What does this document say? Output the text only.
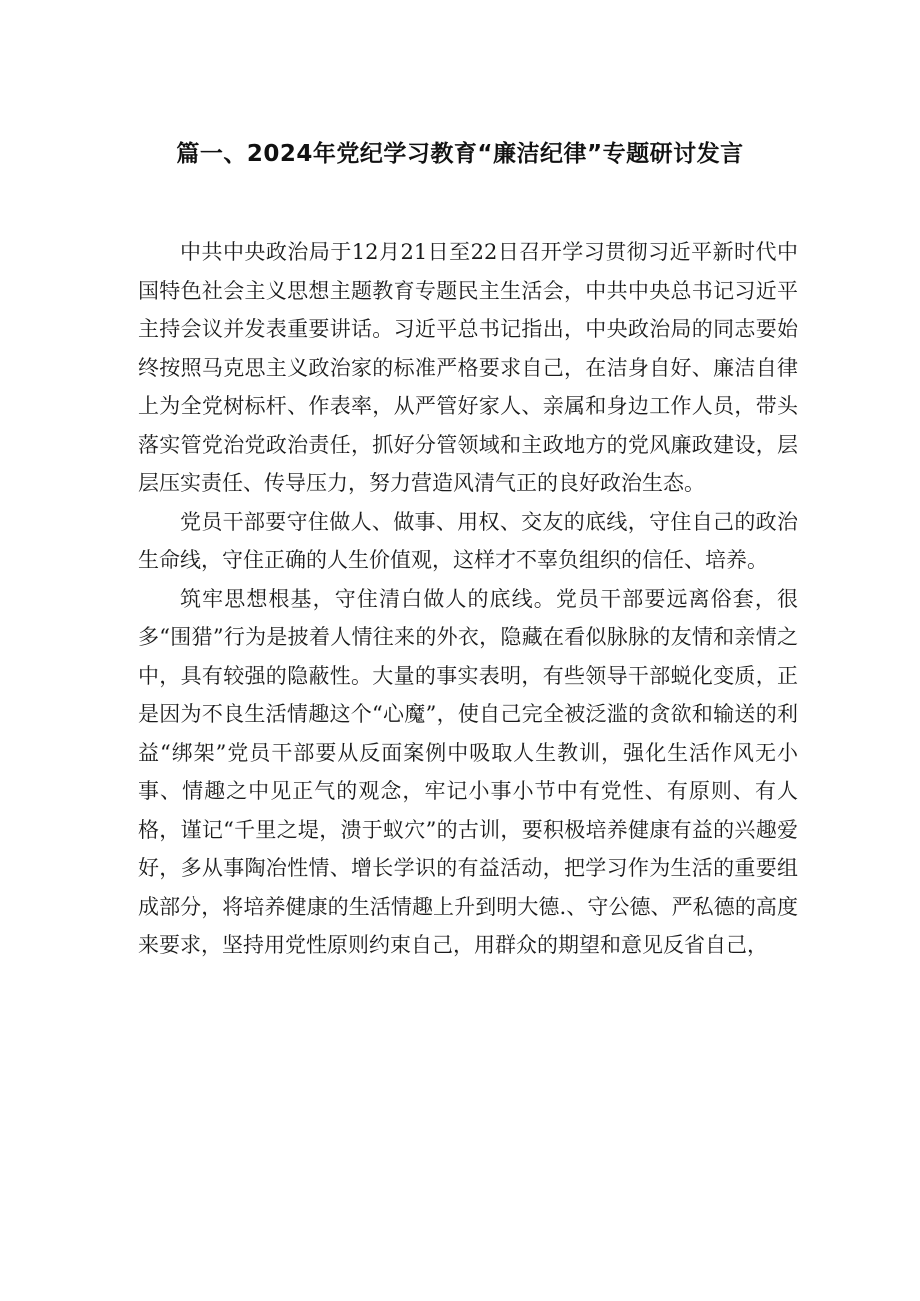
篇一、2024年党纪学习教育“廉洁纪律”专题研讨发言

中共中央政治局于12月21日至22日召开学习贯彻习近平新时代中国特色社会主义思想主题教育专题民主生活会，中共中央总书记习近平主持会议并发表重要讲话。习近平总书记指出，中央政治局的同志要始终按照马克思主义政治家的标准严格要求自己，在洁身自好、廉洁自律上为全党树标杆、作表率，从严管好家人、亲属和身边工作人员，带头落实管党治党政治责任，抓好分管领域和主政地方的党风廉政建设，层层压实责任、传导压力，努力营造风清气正的良好政治生态。

党员干部要守住做人、做事、用权、交友的底线，守住自己的政治生命线，守住正确的人生价值观，这样才不辜负组织的信任、培养。

筑牢思想根基，守住清白做人的底线。党员干部要远离俗套，很多“围猎”行为是披着人情往来的外衣，隐藏在看似脉脉的友情和亲情之中，具有较强的隐蔽性。大量的事实表明，有些领导干部蜕化变质，正是因为不良生活情趣这个“心魔”，使自己完全被泛滥的贪欲和输送的利益“绑架”党员干部要从反面案例中吸取人生教训，强化生活作风无小事、情趣之中见正气的观念，牢记小事小节中有党性、有原则、有人格，谨记“千里之堤，溃于蚁穴”的古训，要积极培养健康有益的兴趣爱好，多从事陶冶性情、增长学识的有益活动，把学习作为生活的重要组成部分，将培养健康的生活情趣上升到明大德.、守公德、严私德的高度来要求，坚持用党性原则约束自己，用群众的期望和意见反省自己，
